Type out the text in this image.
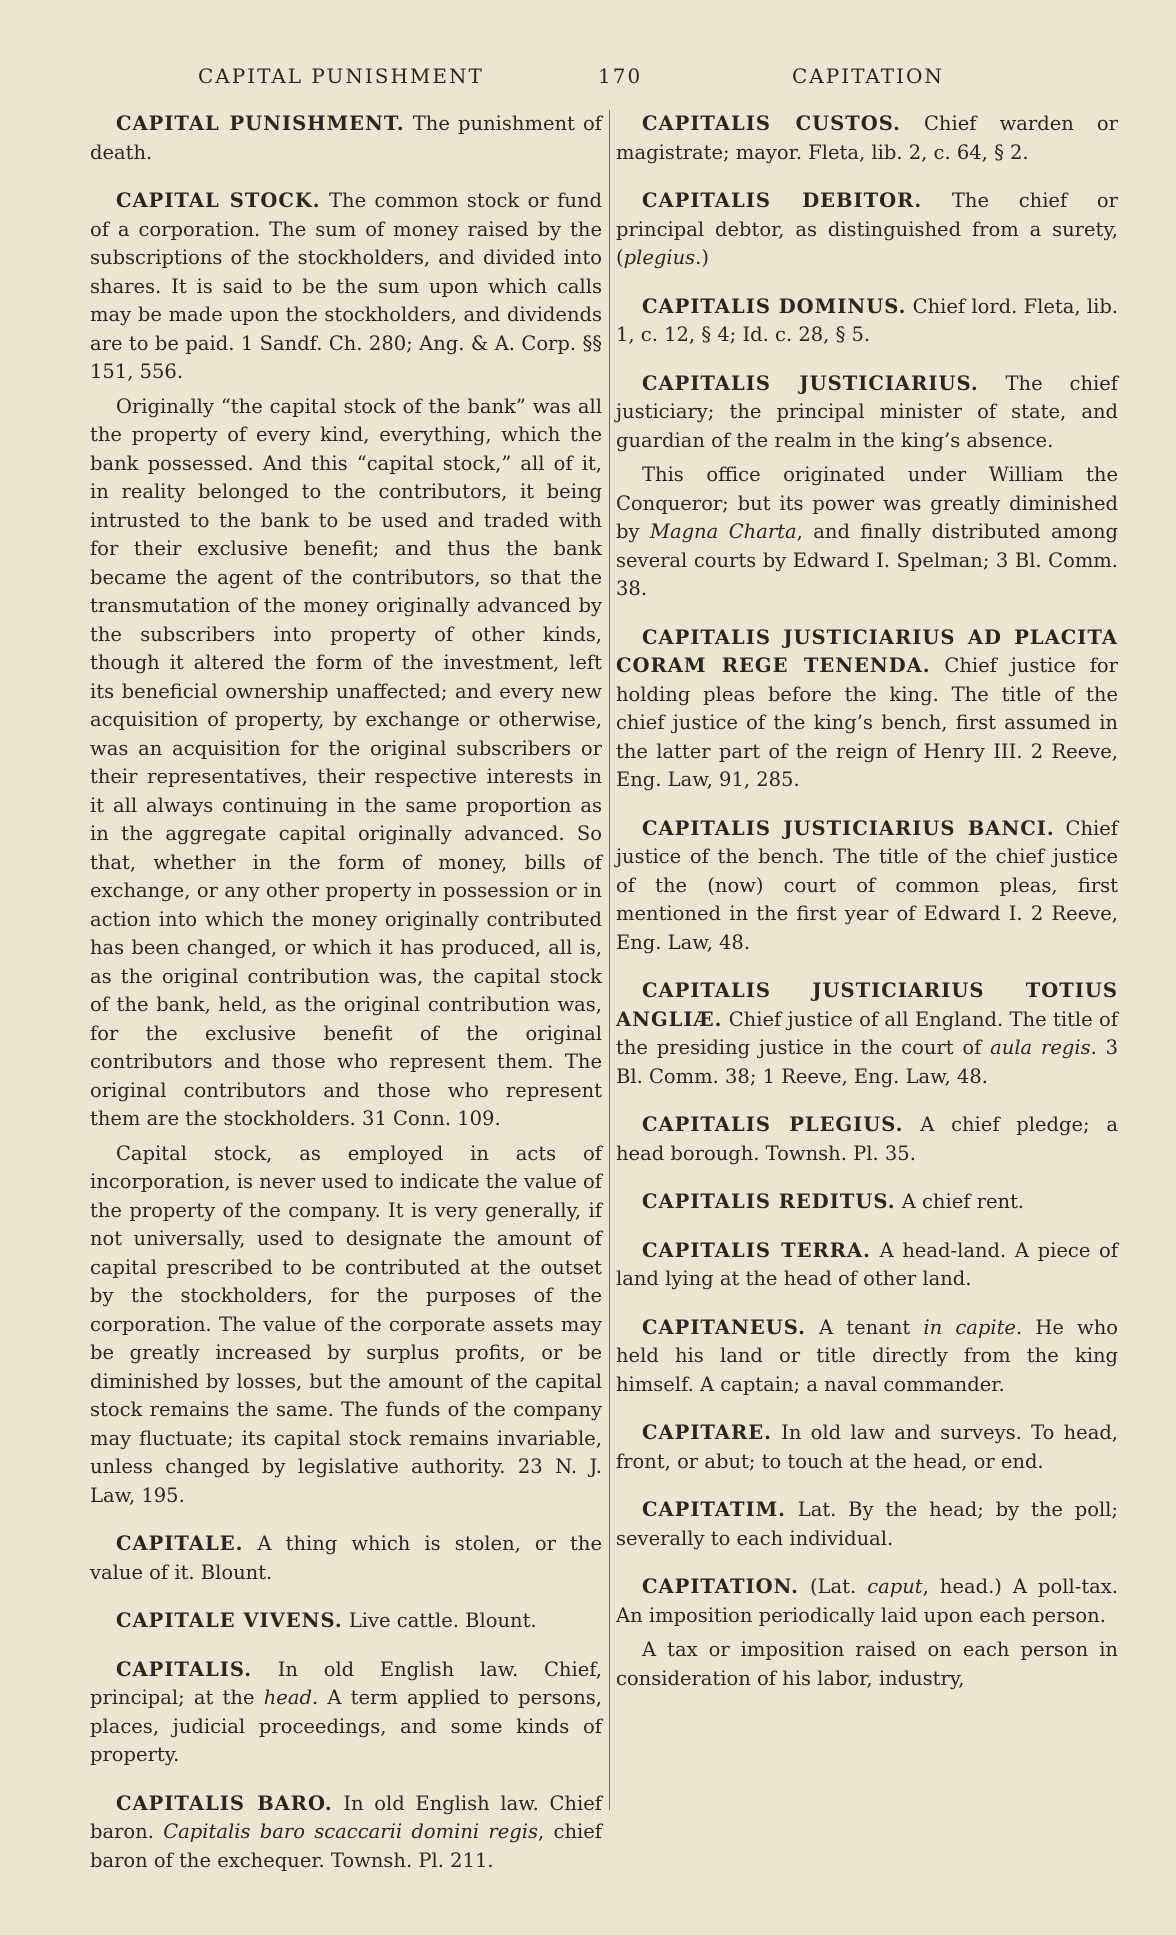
CAPITAL PUNISHMENT	170	CAPITATION

CAPITAL PUNISHMENT. The punishment of death.

CAPITAL STOCK. The common stock or fund of a corporation. The sum of money raised by the subscriptions of the stockholders, and divided into shares. It is said to be the sum upon which calls may be made upon the stockholders, and dividends are to be paid. 1 Sandf. Ch. 280; Ang. & A. Corp. §§ 151, 556.

Originally “the capital stock of the bank” was all the property of every kind, everything, which the bank possessed. And this “capital stock,” all of it, in reality belonged to the contributors, it being intrusted to the bank to be used and traded with for their exclusive benefit; and thus the bank became the agent of the contributors, so that the transmutation of the money originally advanced by the subscribers into property of other kinds, though it altered the form of the investment, left its beneficial ownership unaffected; and every new acquisition of property, by exchange or otherwise, was an acquisition for the original subscribers or their representatives, their respective interests in it all always continuing in the same proportion as in the aggregate capital originally advanced. So that, whether in the form of money, bills of exchange, or any other property in possession or in action into which the money originally contributed has been changed, or which it has produced, all is, as the original contribution was, the capital stock of the bank, held, as the original contribution was, for the exclusive benefit of the original contributors and those who represent them. The original contributors and those who represent them are the stockholders. 31 Conn. 109.

Capital stock, as employed in acts of incorporation, is never used to indicate the value of the property of the company. It is very generally, if not universally, used to designate the amount of capital prescribed to be contributed at the outset by the stockholders, for the purposes of the corporation. The value of the corporate assets may be greatly increased by surplus profits, or be diminished by losses, but the amount of the capital stock remains the same. The funds of the company may fluctuate; its capital stock remains invariable, unless changed by legislative authority. 23 N. J. Law, 195.

CAPITALE. A thing which is stolen, or the value of it. Blount.

CAPITALE VIVENS. Live cattle. Blount.

CAPITALIS. In old English law. Chief, principal; at the head. A term applied to persons, places, judicial proceedings, and some kinds of property.

CAPITALIS BARO. In old English law. Chief baron. Capitalis baro scaccarii domini regis, chief baron of the exchequer. Townsh. Pl. 211.

CAPITALIS CUSTOS. Chief warden or magistrate; mayor. Fleta, lib. 2, c. 64, § 2.

CAPITALIS DEBITOR. The chief or principal debtor, as distinguished from a surety, (plegius.)

CAPITALIS DOMINUS. Chief lord. Fleta, lib. 1, c. 12, § 4; Id. c. 28, § 5.

CAPITALIS JUSTICIARIUS. The chief justiciary; the principal minister of state, and guardian of the realm in the king’s absence.

This office originated under William the Conqueror; but its power was greatly diminished by Magna Charta, and finally distributed among several courts by Edward I. Spelman; 3 Bl. Comm. 38.

CAPITALIS JUSTICIARIUS AD PLACITA CORAM REGE TENENDA. Chief justice for holding pleas before the king. The title of the chief justice of the king’s bench, first assumed in the latter part of the reign of Henry III. 2 Reeve, Eng. Law, 91, 285.

CAPITALIS JUSTICIARIUS BANCI. Chief justice of the bench. The title of the chief justice of the (now) court of common pleas, first mentioned in the first year of Edward I. 2 Reeve, Eng. Law, 48.

CAPITALIS JUSTICIARIUS TOTIUS ANGLIÆ. Chief justice of all England. The title of the presiding justice in the court of aula regis. 3 Bl. Comm. 38; 1 Reeve, Eng. Law, 48.

CAPITALIS PLEGIUS. A chief pledge; a head borough. Townsh. Pl. 35.

CAPITALIS REDITUS. A chief rent.

CAPITALIS TERRA. A head-land. A piece of land lying at the head of other land.

CAPITANEUS. A tenant in capite. He who held his land or title directly from the king himself. A captain; a naval commander.

CAPITARE. In old law and surveys. To head, front, or abut; to touch at the head, or end.

CAPITATIM. Lat. By the head; by the poll; severally to each individual.

CAPITATION. (Lat. caput, head.) A poll-tax. An imposition periodically laid upon each person.

A tax or imposition raised on each person in consideration of his labor, industry,
